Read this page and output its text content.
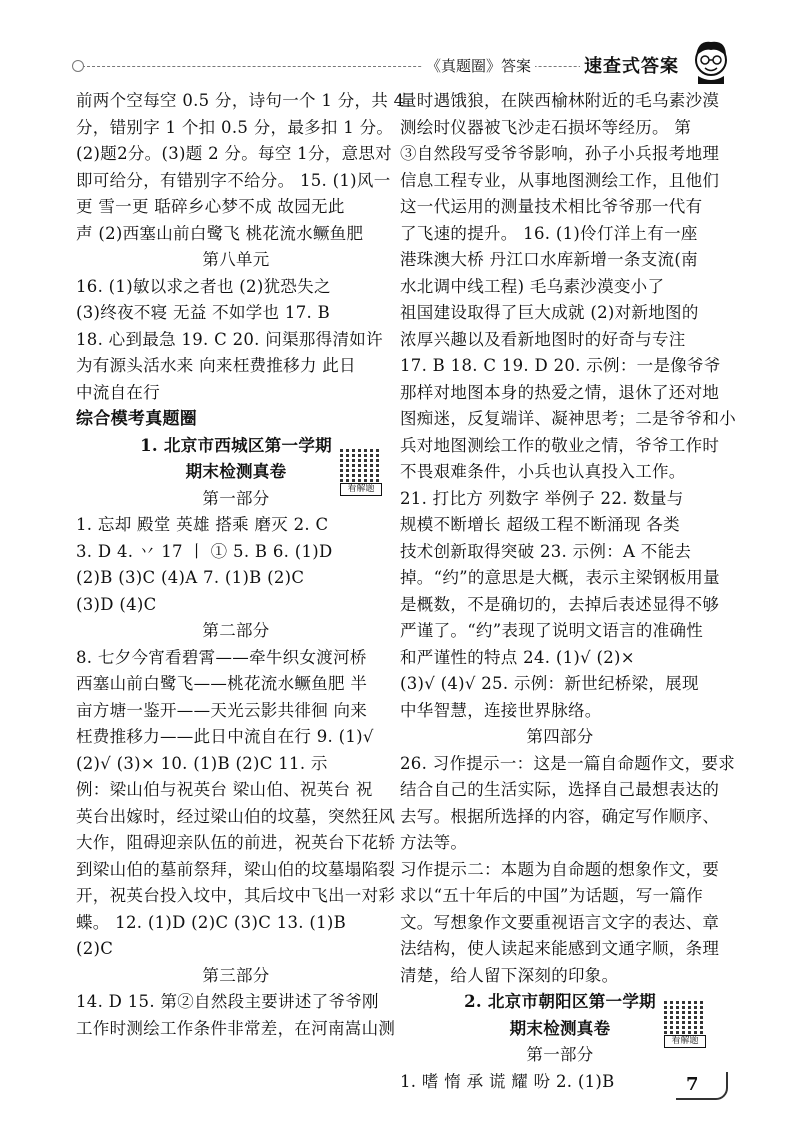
《真题圈》答案	速查式答案
前两个空每空 0.5 分，诗句一个 1 分，共 4
分，错别字 1 个扣 0.5 分，最多扣 1 分。
(2)题2分。(3)题 2 分。每空 1分，意思对
即可给分，有错别字不给分。 15. (1)风一
更 雪一更 聒碎乡心梦不成 故园无此
声 (2)西塞山前白鹭飞 桃花流水鳜鱼肥
第八单元
16. (1)敏以求之者也 (2)犹恐失之
(3)终夜不寝 无益 不如学也 17. B
18. 心到最急 19. C 20. 问渠那得清如许
为有源头活水来 向来枉费推移力 此日
中流自在行
综合模考真题圈
1. 北京市西城区第一学期
期末检测真卷
第一部分
1. 忘却 殿堂 英雄 搭乘 磨灭 2. C
3. D 4. 丷 17 丨 ① 5. B 6. (1)D
(2)B (3)C (4)A 7. (1)B (2)C
(3)D (4)C
第二部分
8. 七夕今宵看碧霄——牵牛织女渡河桥
西塞山前白鹭飞——桃花流水鳜鱼肥 半
亩方塘一鉴开——天光云影共徘徊 向来
枉费推移力——此日中流自在行 9. (1)√
(2)√ (3)× 10. (1)B (2)C 11. 示
例：梁山伯与祝英台 梁山伯、祝英台 祝
英台出嫁时，经过梁山伯的坟墓，突然狂风
大作，阻碍迎亲队伍的前进，祝英台下花轿
到梁山伯的墓前祭拜，梁山伯的坟墓塌陷裂
开，祝英台投入坟中，其后坟中飞出一对彩
蝶。 12. (1)D (2)C (3)C 13. (1)B
(2)C
第三部分
14. D 15. 第②自然段主要讲述了爷爷刚
工作时测绘工作条件非常差，在河南嵩山测
看解题
量时遇饿狼，在陕西榆林附近的毛乌素沙漠
测绘时仪器被飞沙走石损坏等经历。 第
③自然段写受爷爷影响，孙子小兵报考地理
信息工程专业，从事地图测绘工作，且他们
这一代运用的测量技术相比爷爷那一代有
了飞速的提升。 16. (1)伶仃洋上有一座
港珠澳大桥 丹江口水库新增一条支流(南
水北调中线工程) 毛乌素沙漠变小了
祖国建设取得了巨大成就 (2)对新地图的
浓厚兴趣以及看新地图时的好奇与专注
17. B 18. C 19. D 20. 示例：一是像爷爷
那样对地图本身的热爱之情，退休了还对地
图痴迷，反复端详、凝神思考；二是爷爷和小
兵对地图测绘工作的敬业之情，爷爷工作时
不畏艰难条件，小兵也认真投入工作。
21. 打比方 列数字 举例子 22. 数量与
规模不断增长 超级工程不断涌现 各类
技术创新取得突破 23. 示例：A 不能去
掉。“约”的意思是大概，表示主梁钢板用量
是概数，不是确切的，去掉后表述显得不够
严谨了。“约”表现了说明文语言的准确性
和严谨性的特点 24. (1)√ (2)×
(3)√ (4)√ 25. 示例：新世纪桥梁，展现
中华智慧，连接世界脉络。
第四部分
26. 习作提示一：这是一篇自命题作文，要求
结合自己的生活实际，选择自己最想表达的
去写。根据所选择的内容，确定写作顺序、
方法等。
习作提示二：本题为自命题的想象作文，要
求以“五十年后的中国”为话题，写一篇作
文。写想象作文要重视语言文字的表达、章
法结构，使人读起来能感到文通字顺，条理
清楚，给人留下深刻的印象。
2. 北京市朝阳区第一学期
期末检测真卷
第一部分
1. 嗜 惰 承 谎 耀 吩 2. (1)B
看解题
7
